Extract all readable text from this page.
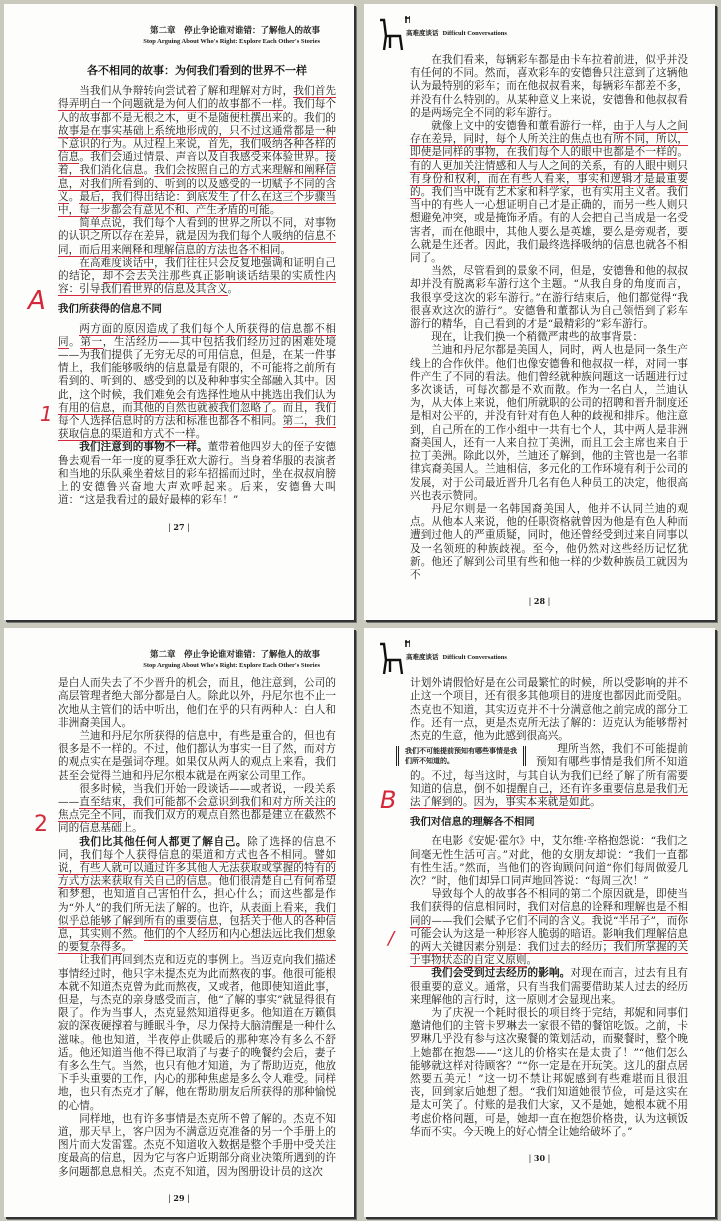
第二章　停止争论谁对谁错：了解他人的故事
Stop Arguing About Who's Right: Explore Each Other's Stories
各不相同的故事：为何我们看到的世界不一样
当我们从争辩转向尝试着了解和理解对方时，我们首先得弄明白一个问题就是为何人们的故事都不一样。我们每个人的故事都不是无根之木，更不是随便杜撰出来的。我们的故事是在事实基础上系统地形成的，只不过这通常都是一种下意识的行为。从过程上来说，首先，我们吸纳各种各样的信息。我们会通过情景、声音以及自我感受来体验世界。接着，我们消化信息。我们会按照自己的方式来理解和阐释信息，对我们所看到的、听到的以及感受的一切赋予不同的含义。最后，我们得出结论：到底发生了什么在这三个步骤当中，每一步都会有意见不和、产生矛盾的可能。
简单点说，我们每个人看到的世界之所以不同，对事物的认识之所以存在差异，就是因为我们每个人吸纳的信息不同，而后用来阐释和理解信息的方法也各不相同。
在高难度谈话中，我们往往只会反复地强调和证明自己的结论，却不会去关注那些真正影响谈话结果的实质性内容：引导我们看世界的信息及其含义。
我们所获得的信息不同
两方面的原因造成了我们每个人所获得的信息都不相同。第一，生活经历——其中包括我们经历过的困难处境——为我们提供了无穷无尽的可用信息，但是，在某一件事情上，我们能够吸纳的信息量是有限的，不可能将之前所有看到的、听到的、感受到的以及种种事实全部融入其中。因此，这个时候，我们难免会有选择性地从中挑选出我们认为有用的信息，而其他的自然也就被我们忽略了。而且，我们每个人选择信息时的方法和标准也都各不相同。第二，我们获取信息的渠道和方式不一样。
我们注意到的事物不一样。董带着他四岁大的侄子安德鲁去观看一年一度的夏季狂欢大游行。当身着华服的表演者和当地的乐队乘坐着炫目的彩车招摇而过时，坐在叔叔肩膀上的安德鲁兴奋地大声欢呼起来。后来，安德鲁大叫道：“这是我看过的最好最棒的彩车！”
A
1
| 27 |
高难度谈话 Difficult Conversations
在我们看来，每辆彩车都是由卡车拉着前进，似乎并没有任何的不同。然而，喜欢彩车的安德鲁只注意到了这辆他认为最特别的彩车；而在他叔叔看来，每辆彩车都差不多，并没有什么特别的。从某种意义上来说，安德鲁和他叔叔看的是两场完全不同的彩车游行。
就像上文中的安德鲁和董看游行一样，由于人与人之间存在差异，同时，每个人所关注的焦点也有所不同，所以，即使是同样的事物，在我们每个人的眼中也都是不一样的。有的人更加关注情感和人与人之间的关系，有的人眼中则只有身份和权利，而在有些人看来，事实和逻辑才是最重要的。我们当中既有艺术家和科学家，也有实用主义者。我们当中的有些人一心想证明自己才是正确的，而另一些人则只想避免冲突，或是掩饰矛盾。有的人会把自己当成是一名受害者，而在他眼中，其他人要么是英雄，要么是旁观者，要么就是生还者。因此，我们最终选择吸纳的信息也就各不相同了。
当然，尽管看到的景象不同，但是，安德鲁和他的叔叔却并没有脱离彩车游行这个主题。“从我自身的角度而言，我很享受这次的彩车游行。”在游行结束后，他们都觉得“我很喜欢这次的游行”。安德鲁和董都认为自己领悟到了彩车游行的精华，自己看到的才是“最精彩的”彩车游行。
现在，让我们换一个稍微严肃些的故事背景：
兰迪和丹尼尔都是美国人，同时，两人也是同一条生产线上的合作伙伴。他们也像安德鲁和他叔叔一样，对同一事件产生了不同的看法。他们曾经就种族问题这一话题进行过多次谈话，可每次都是不欢而散。作为一名白人，兰迪认为，从大体上来说，他们所就职的公司的招聘和晋升制度还是相对公平的，并没有针对有色人种的歧视和排斥。他注意到，自己所在的工作小组中一共有七个人，其中两人是非洲裔美国人，还有一人来自拉丁美洲，而且工会主席也来自于拉丁美洲。除此以外，兰迪还了解到，他的主管也是一名菲律宾裔美国人。兰迪相信，多元化的工作环境有利于公司的发展，对于公司最近晋升几名有色人种员工的决定，他很高兴也表示赞同。
丹尼尔则是一名韩国裔美国人，他并不认同兰迪的观点。从他本人来说，他的任职资格就曾因为他是有色人种而遭到过他人的严重质疑，同时，他还曾经受到过来自同事以及一名领班的种族歧视。至今，他仍然对这些经历记忆犹新。他还了解到公司里有些和他一样的少数种族员工就因为不
| 28 |
第二章　停止争论谁对谁错：了解他人的故事
Stop Arguing About Who's Right: Explore Each Other's Stories
是白人而失去了不少晋升的机会，而且，他注意到，公司的高层管理者绝大部分都是白人。除此以外，丹尼尔也不止一次地从主管们的话中听出，他们在乎的只有两种人：白人和非洲裔美国人。
兰迪和丹尼尔所获得的信息中，有些是重合的，但也有很多是不一样的。不过，他们都认为事实一目了然，而对方的观点实在是强词夺理。如果仅从两人的观点上来看，我们甚至会觉得兰迪和丹尼尔根本就是在两家公司里工作。
很多时候，当我们开始一段谈话——或者说，一段关系——直至结束，我们可能都不会意识到我们和对方所关注的焦点完全不同，而我们双方的观点自然也都是建立在截然不同的信息基础上。
我们比其他任何人都更了解自己。除了选择的信息不同，我们每个人获得信息的渠道和方式也各不相同。譬如说，有些人就可以通过许多其他人无法获取或掌握的特有的方式方法来获取有关自己的信息。他们很清楚自己有何希望和梦想，也知道自己害怕什么，担心什么；而这些都是作为“外人”的我们所无法了解的。也许，从表面上看来，我们似乎总能够了解到所有的重要信息，包括关于他人的各种信息，其实则不然。他们的个人经历和内心想法远比我们想象的要复杂得多。
让我们再回到杰克和迈克的事例上。当迈克向我们描述事情经过时，他只字未提杰克为此而熬夜的事。他很可能根本就不知道杰克曾为此而熬夜，又或者，他即使知道此事，但是，与杰克的亲身感受而言，他“了解的事实”就显得很有限了。作为当事人，杰克显然知道得更多。他知道在万籁俱寂的深夜硬撑着与睡眠斗争，尽力保持大脑清醒是一种什么滋味。他也知道，半夜停止供暖后的那种寒冷有多么不舒适。他还知道当他不得已取消了与妻子的晚餐约会后，妻子有多么生气。当然，也只有他才知道，为了帮助迈克，他放下手头重要的工作，内心的那种焦虑是多么令人难受。同样地，也只有杰克才了解，他在帮助朋友后所获得的那种愉悦的心情。
同样地，也有许多事情是杰克所不曾了解的。杰克不知道，那天早上，客户因为不满意迈克准备的另一个手册上的图片而大发雷霆。杰克不知道收入数据是整个手册中受关注度最高的信息，因为它与客户近期部分商业决策所遇到的许多问题都息息相关。杰克不知道，因为图册设计员的这次
2
| 29 |
高难度谈话 Difficult Conversations
计划外请假恰好是在公司最繁忙的时候，所以受影响的并不止这一个项目，还有很多其他项目的进度也都因此而受阻。杰克也不知道，其实迈克并不十分满意他之前完成的部分工作。还有一点，更是杰克所无法了解的：迈克认为能够帮衬杰克的生意，他为此感到很高兴。
我们不可能提前预知有哪些事情是我们所不知道的。
理所当然，我们不可能提前预知有哪些事情是我们所不知道的。不过，每当这时，与其自认为我们已经了解了所有需要知道的信息，倒不如提醒自己，还有许多重要信息是我们无法了解到的。因为，事实本来就是如此。
我们对信息的理解各不相同
在电影《安妮·霍尔》中，艾尔维·辛格抱怨说：“我们之间毫无性生活可言。”对此，他的女朋友却说：“我们一直都有性生活。”然而，当他们的咨询顾问问道“你们每周做爱几次？”时，他们却异口同声地回答说：“每周三次！”
导致每个人的故事各不相同的第二个原因就是，即使当我们获得的信息相同时，我们对信息的诠释和理解也是不相同的——我们会赋予它们不同的含义。我说“半吊子”，而你可能会认为这是一种形容人脆弱的暗语。影响我们理解信息的两大关键因素分别是：我们过去的经历；我们所掌握的关于事物状态的自定义原则。
我们会受到过去经历的影响。对现在而言，过去有且有很重要的意义。通常，只有当我们需要借助某人过去的经历来理解他的言行时，这一原则才会显现出来。
为了庆祝一个耗时很长的项目终于完结，邦妮和同事们邀请他们的主管卡罗琳去一家很不错的餐馆吃饭。之前，卡罗琳几乎没有参与这次聚餐的策划活动，而聚餐时，整个晚上她都在抱怨——“这儿的价格实在是太贵了！”“他们怎么能够就这样对待顾客？”“你一定是在开玩笑。这儿的甜点居然要五美元！”这一切不禁让邦妮感到有些难堪而且很沮丧，回到家后她想了想。“我们知道她很节俭，可是这实在是太可笑了。付账的是我们大家，又不是她，她根本就不用考虑价格问题，可是，她却一直在抱怨价格贵，认为这顿饭华而不实。今天晚上的好心情全让她给破坏了。”
B
/
| 30 |
